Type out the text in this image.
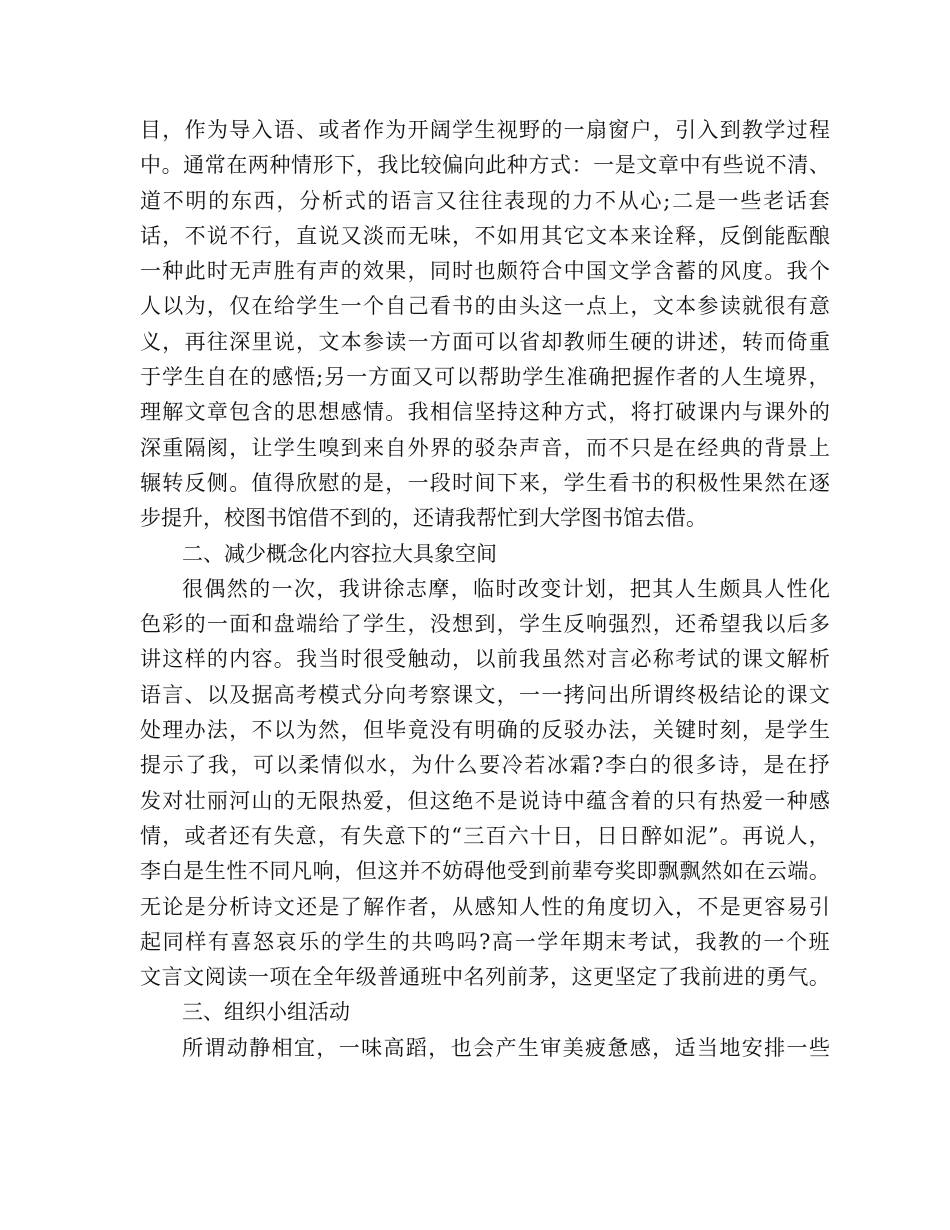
目 ， 作 为 导 入 语 、 或 者 作 为 开 阔 学 生 视 野 的 一 扇 窗 户 ， 引 入 到 教 学 过 程
中 。 通 常 在 两 种 情 形 下 ， 我 比 较 偏 向 此 种 方 式 ： 一 是 文 章 中 有 些 说 不 清 、
道 不 明 的 东 西 ， 分 析 式 的 语 言 又 往 往 表 现 的 力 不 从 心 ; 二 是 一 些 老 话 套
话 ， 不 说 不 行 ， 直 说 又 淡 而 无 味 ， 不 如 用 其 它 文 本 来 诠 释 ， 反 倒 能 酝 酿
一 种 此 时 无 声 胜 有 声 的 效 果 ， 同 时 也 颇 符 合 中 国 文 学 含 蓄 的 风 度 。 我 个
人 以 为 ， 仅 在 给 学 生 一 个 自 己 看 书 的 由 头 这 一 点 上 ， 文 本 参 读 就 很 有 意
义 ， 再 往 深 里 说 ， 文 本 参 读 一 方 面 可 以 省 却 教 师 生 硬 的 讲 述 ， 转 而 倚 重
于 学 生 自 在 的 感 悟 ; 另 一 方 面 又 可 以 帮 助 学 生 准 确 把 握 作 者 的 人 生 境 界 ，
理 解 文 章 包 含 的 思 想 感 情 。 我 相 信 坚 持 这 种 方 式 ， 将 打 破 课 内 与 课 外 的
深 重 隔 阂 ， 让 学 生 嗅 到 来 自 外 界 的 驳 杂 声 音 ， 而 不 只 是 在 经 典 的 背 景 上
辗 转 反 侧 。 值 得 欣 慰 的 是 ， 一 段 时 间 下 来 ， 学 生 看 书 的 积 极 性 果 然 在 逐
步提升，校图书馆借不到的，还请我帮忙到大学图书馆去借。
二、减少概念化内容拉大具象空间
很 偶 然 的 一 次 ， 我 讲 徐 志 摩 ， 临 时 改 变 计 划 ， 把 其 人 生 颇 具 人 性 化
色 彩 的 一 面 和 盘 端 给 了 学 生 ， 没 想 到 ， 学 生 反 响 强 烈 ， 还 希 望 我 以 后 多
讲 这 样 的 内 容 。 我 当 时 很 受 触 动 ， 以 前 我 虽 然 对 言 必 称 考 试 的 课 文 解 析
语 言 、 以 及 据 高 考 模 式 分 向 考 察 课 文 ， 一 一 拷 问 出 所 谓 终 极 结 论 的 课 文
处 理 办 法 ， 不 以 为 然 ， 但 毕 竟 没 有 明 确 的 反 驳 办 法 ， 关 键 时 刻 ， 是 学 生
提 示 了 我 ， 可 以 柔 情 似 水 ， 为 什 么 要 冷 若 冰 霜 ? 李 白 的 很 多 诗 ， 是 在 抒
发 对 壮 丽 河 山 的 无 限 热 爱 ， 但 这 绝 不 是 说 诗 中 蕴 含 着 的 只 有 热 爱 一 种 感
情 ， 或 者 还 有 失 意 ， 有 失 意 下 的 “ 三 百 六 十 日 ， 日 日 醉 如 泥 ” 。 再 说 人 ，
李 白 是 生 性 不 同 凡 响 ， 但 这 并 不 妨 碍 他 受 到 前 辈 夸 奖 即 飘 飘 然 如 在 云 端 。
无 论 是 分 析 诗 文 还 是 了 解 作 者 ， 从 感 知 人 性 的 角 度 切 入 ， 不 是 更 容 易 引
起 同 样 有 喜 怒 哀 乐 的 学 生 的 共 鸣 吗 ? 高 一 学 年 期 末 考 试 ， 我 教 的 一 个 班
文 言 文 阅 读 一 项 在 全 年 级 普 通 班 中 名 列 前 茅 ， 这 更 坚 定 了 我 前 进 的 勇 气 。
三、组织小组活动
所 谓 动 静 相 宜 ， 一 味 高 蹈 ， 也 会 产 生 审 美 疲 惫 感 ， 适 当 地 安 排 一 些
